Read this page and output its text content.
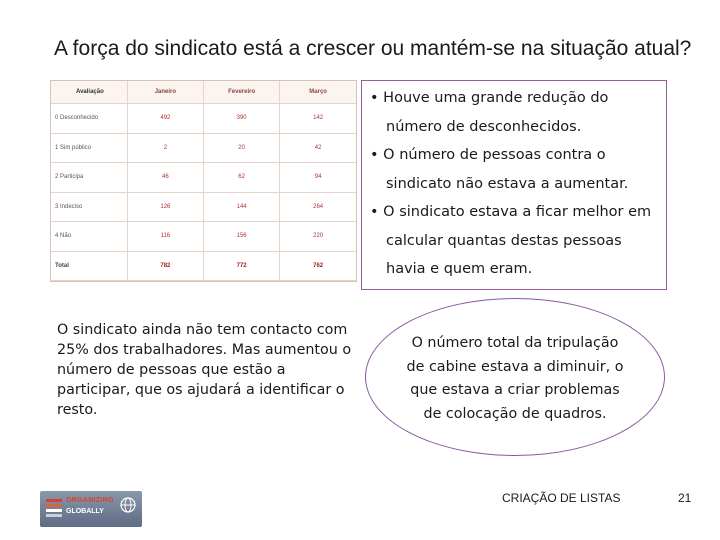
A força do sindicato está a crescer ou mantém-se na situação atual?
Avaliação	Janeiro	Fevereiro	Março
0 Desconhecido	492	390	142
1 Sim público	2	20	42
2 Participa	46	62	94
3 Indeciso	126	144	264
4 Não	116	156	220
Total	782	772	762
• Houve uma grande redução do número de desconhecidos.
• O número de pessoas contra o sindicato não estava a aumentar.
• O sindicato estava a ficar melhor em calcular quantas destas pessoas havia e quem eram.
O sindicato ainda não tem contacto com 25% dos trabalhadores. Mas aumentou o número de pessoas que estão a participar, que os ajudará a identificar o resto.
O número total da tripulação de cabine estava a diminuir, o que estava a criar problemas de colocação de quadros.
ORGANIZING
GLOBALLY
CRIAÇÃO DE LISTAS	21
